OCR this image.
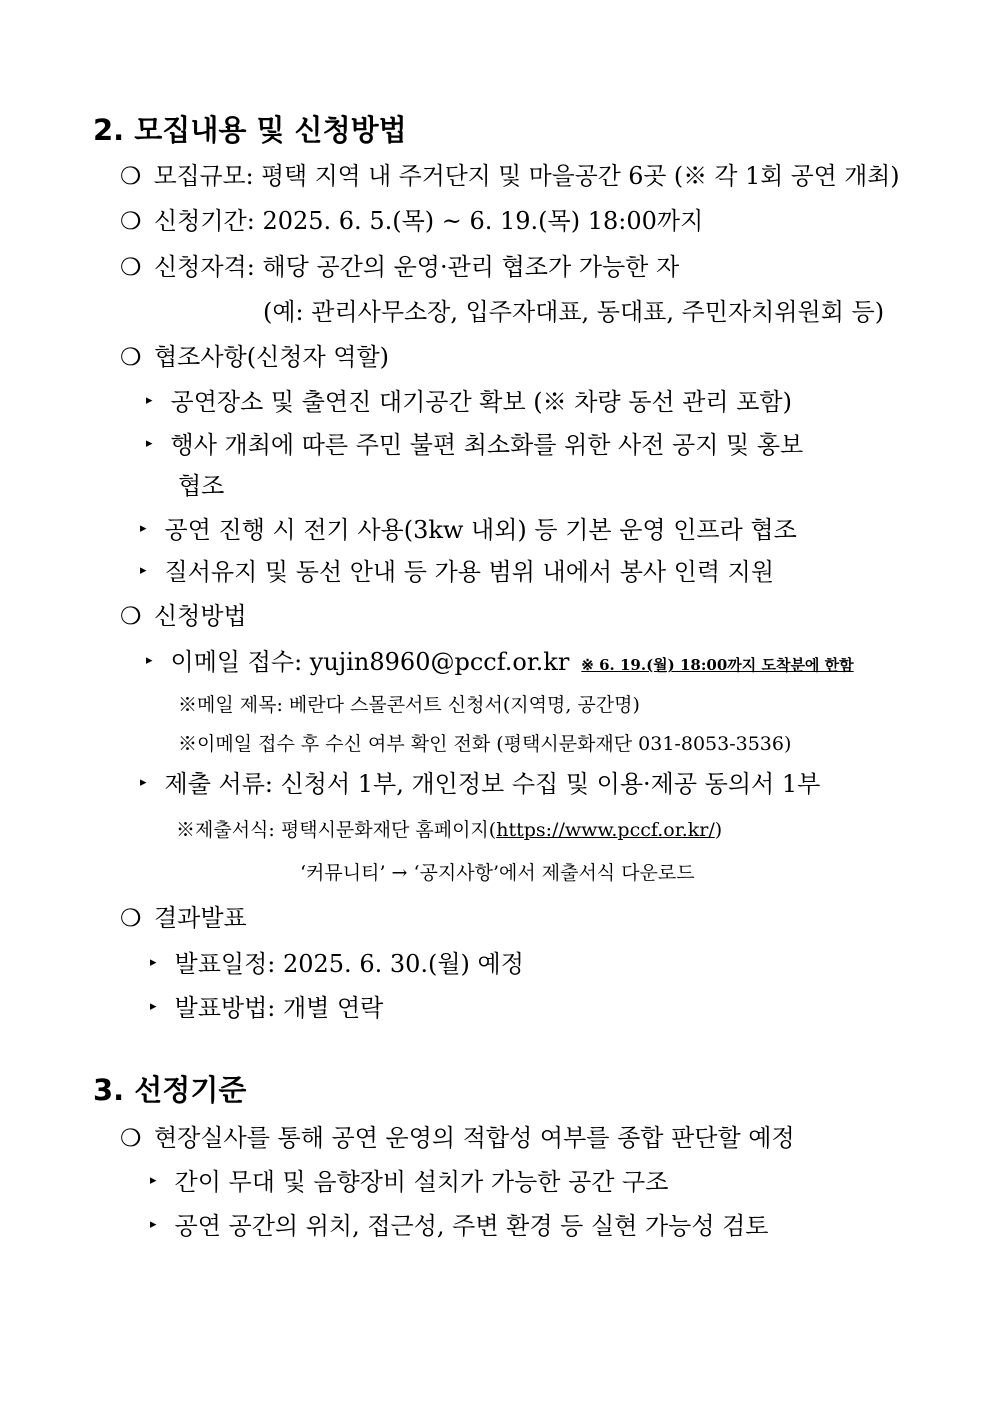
2. 모집내용 및 신청방법
❍ 모집규모: 평택 지역 내 주거단지 및 마을공간 6곳 (※ 각 1회 공연 개최)
❍ 신청기간: 2025. 6. 5.(목) ~ 6. 19.(목) 18:00까지
❍ 신청자격: 해당 공간의 운영·관리 협조가 가능한 자
(예: 관리사무소장, 입주자대표, 동대표, 주민자치위원회 등)
❍ 협조사항(신청자 역할)
▸ 공연장소 및 출연진 대기공간 확보 (※ 차량 동선 관리 포함)
▸ 행사 개최에 따른 주민 불편 최소화를 위한 사전 공지 및 홍보
협조
▸ 공연 진행 시 전기 사용(3kw 내외) 등 기본 운영 인프라 협조
▸ 질서유지 및 동선 안내 등 가용 범위 내에서 봉사 인력 지원
❍ 신청방법
▸ 이메일 접수: yujin8960@pccf.or.kr ※ 6. 19.(월) 18:00까지 도착분에 한함
※메일 제목: 베란다 스몰콘서트 신청서(지역명, 공간명)
※이메일 접수 후 수신 여부 확인 전화 (평택시문화재단 031-8053-3536)
▸ 제출 서류: 신청서 1부, 개인정보 수집 및 이용·제공 동의서 1부
※제출서식: 평택시문화재단 홈페이지(https://www.pccf.or.kr/)
‘커뮤니티’ → ‘공지사항’에서 제출서식 다운로드
❍ 결과발표
▸ 발표일정: 2025. 6. 30.(월) 예정
▸ 발표방법: 개별 연락
3. 선정기준
❍ 현장실사를 통해 공연 운영의 적합성 여부를 종합 판단할 예정
▸ 간이 무대 및 음향장비 설치가 가능한 공간 구조
▸ 공연 공간의 위치, 접근성, 주변 환경 등 실현 가능성 검토
